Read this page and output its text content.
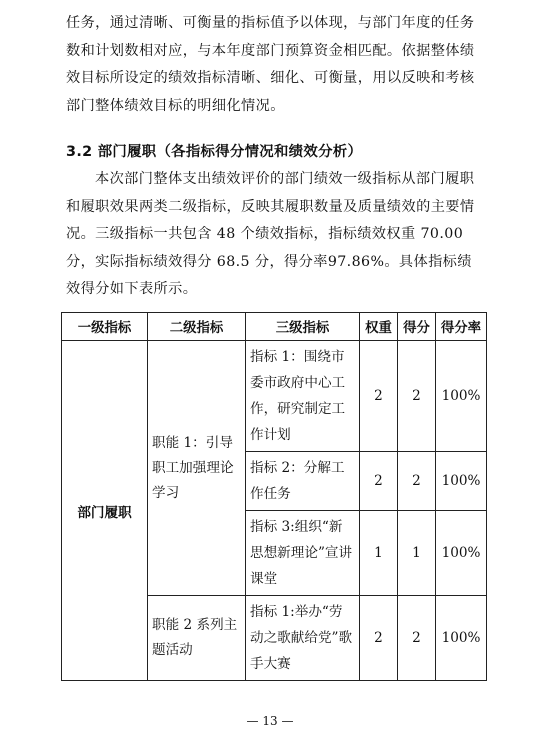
任务，通过清晰、可衡量的指标值予以体现，与部门年度的任务数和计划数相对应，与本年度部门预算资金相匹配。依据整体绩效目标所设定的绩效指标清晰、细化、可衡量，用以反映和考核部门整体绩效目标的明细化情况。

3.2 部门履职（各指标得分情况和绩效分析）

本次部门整体支出绩效评价的部门绩效一级指标从部门履职和履职效果两类二级指标，反映其履职数量及质量绩效的主要情况。三级指标一共包含 48 个绩效指标，指标绩效权重 70.00 分，实际指标绩效得分 68.5 分，得分率97.86%。具体指标绩效得分如下表所示。

一级指标	二级指标	三级指标	权重	得分	得分率
部门履职	职能 1：引导职工加强理论学习	指标 1：围绕市委市政府中心工作，研究制定工作计划	2	2	100%
		指标 2：分解工作任务	2	2	100%
		指标 3:组织“新思想新理论”宣讲课堂	1	1	100%
	职能 2 系列主题活动	指标 1:举办“劳动之歌献给党”歌手大赛	2	2	100%
— 13 —
